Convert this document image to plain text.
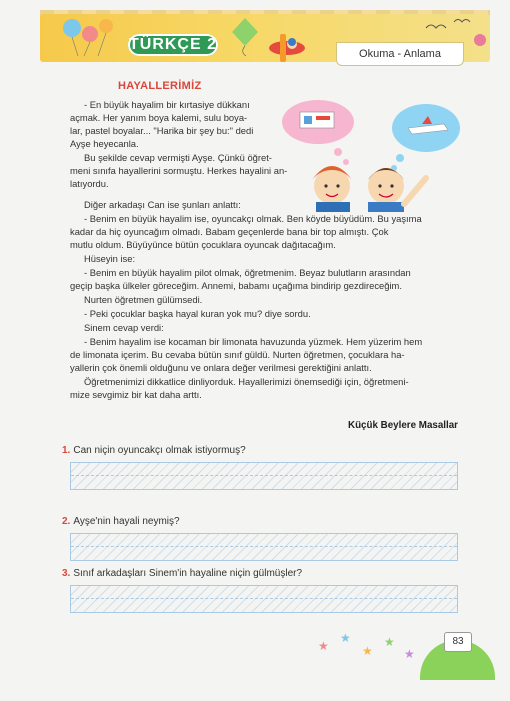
TÜRKÇE 2
Okuma - Anlama
HAYALLERİMİZ

- En büyük hayalim bir kırtasiye dükkanı

açmak. Her yanım boya kalemi, sulu boya-

lar, pastel boyalar... "Harika bir şey bu:" dedi

Ayşe heyecanla.

Bu şekilde cevap vermişti Ayşe. Çünkü öğret-

meni sınıfa hayallerini sormuştu. Herkes hayalini an-

latıyordu.

Diğer arkadaşı Can ise şunları anlattı:

- Benim en büyük hayalim ise, oyuncakçı olmak. Ben köyde büyüdüm. Bu yaşıma

kadar da hiç oyuncağım olmadı. Babam geçenlerde bana bir top almıştı. Çok

mutlu oldum. Büyüyünce bütün çocuklara oyuncak dağıtacağım.

Hüseyin ise:

- Benim en büyük hayalim pilot olmak, öğretmenim. Beyaz bulutların arasından

geçip başka ülkeler göreceğim. Annemi, babamı uçağıma bindirip gezdireceğim.

Nurten öğretmen gülümsedi.

- Peki çocuklar başka hayal kuran yok mu? diye sordu.

Sinem cevap verdi:

- Benim hayalim ise kocaman bir limonata havuzunda yüzmek. Hem yüzerim hem

de limonata içerim. Bu cevaba bütün sınıf güldü. Nurten öğretmen, çocuklara ha-

yallerin çok önemli olduğunu ve onlara değer verilmesi gerektiğini anlattı.

Öğretmenimizi dikkatlice dinliyorduk. Hayallerimizi önemsediği için, öğretmeni-

mize sevgimiz bir kat daha arttı.

Küçük Beylere Masallar
1. Can niçin oyuncakçı olmak istiyormuş?
2. Ayşe'nin hayali neymiş?
3. Sınıf arkadaşları Sinem'in hayaline niçin gülmüşler?
★
★
★
★
★
83
